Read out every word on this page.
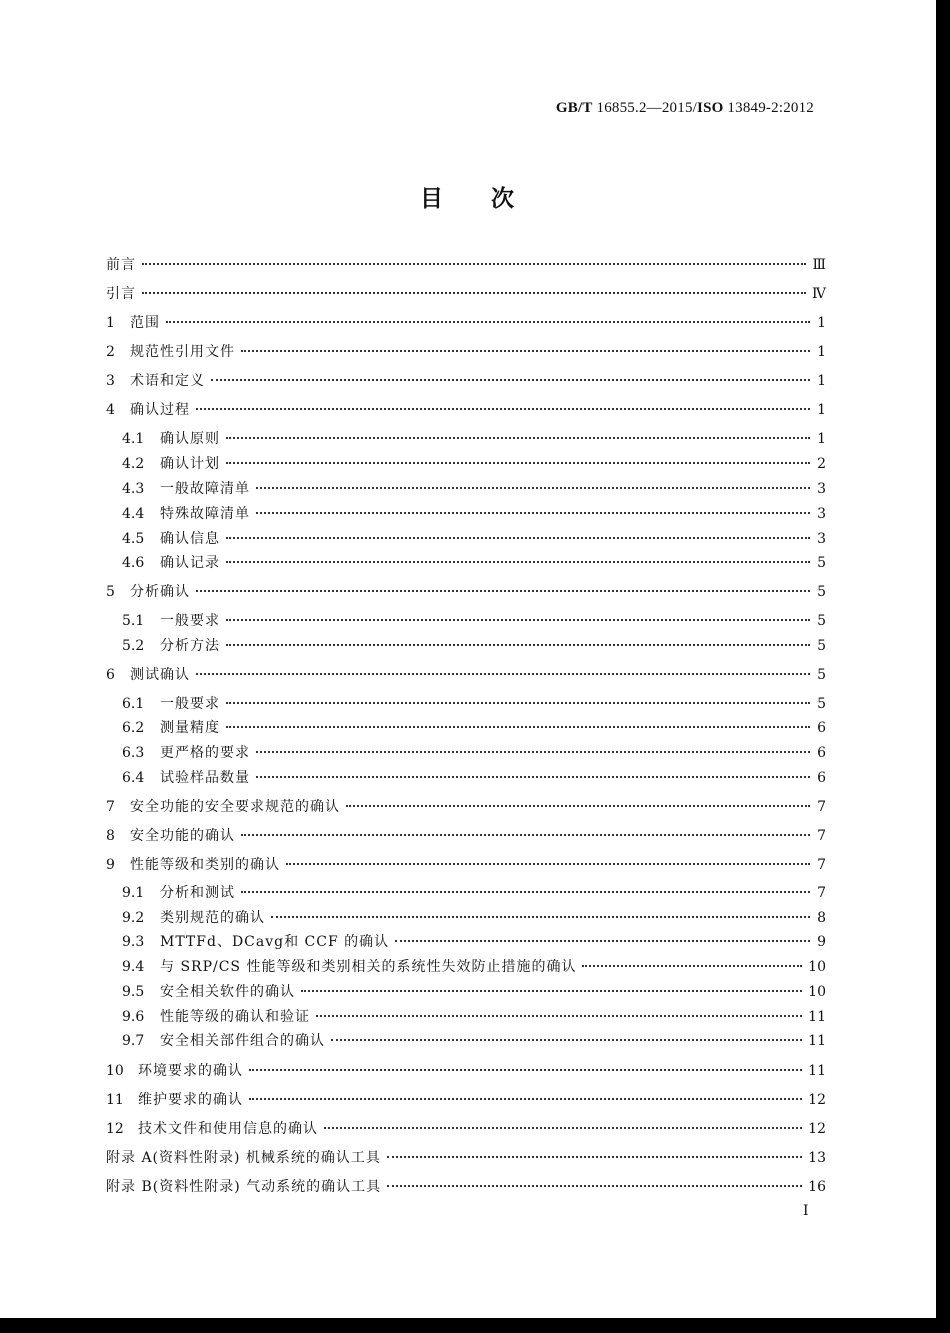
GB/T 16855.2—2015/ISO 13849-2:2012
目 次
前言	Ⅲ
引言	Ⅳ
1	范围	1
2	规范性引用文件	1
3	术语和定义	1
4	确认过程	1
4.1	确认原则	1
4.2	确认计划	2
4.3	一般故障清单	3
4.4	特殊故障清单	3
4.5	确认信息	3
4.6	确认记录	5
5	分析确认	5
5.1	一般要求	5
5.2	分析方法	5
6	测试确认	5
6.1	一般要求	5
6.2	测量精度	6
6.3	更严格的要求	6
6.4	试验样品数量	6
7	安全功能的安全要求规范的确认	7
8	安全功能的确认	7
9	性能等级和类别的确认	7
9.1	分析和测试	7
9.2	类别规范的确认	8
9.3	MTTFd、DCavg和 CCF 的确认	9
9.4	与 SRP/CS 性能等级和类别相关的系统性失效防止措施的确认	10
9.5	安全相关软件的确认	10
9.6	性能等级的确认和验证	11
9.7	安全相关部件组合的确认	11
10	环境要求的确认	11
11	维护要求的确认	12
12	技术文件和使用信息的确认	12
附录 A(资料性附录) 机械系统的确认工具	13
附录 B(资料性附录) 气动系统的确认工具	16
I
